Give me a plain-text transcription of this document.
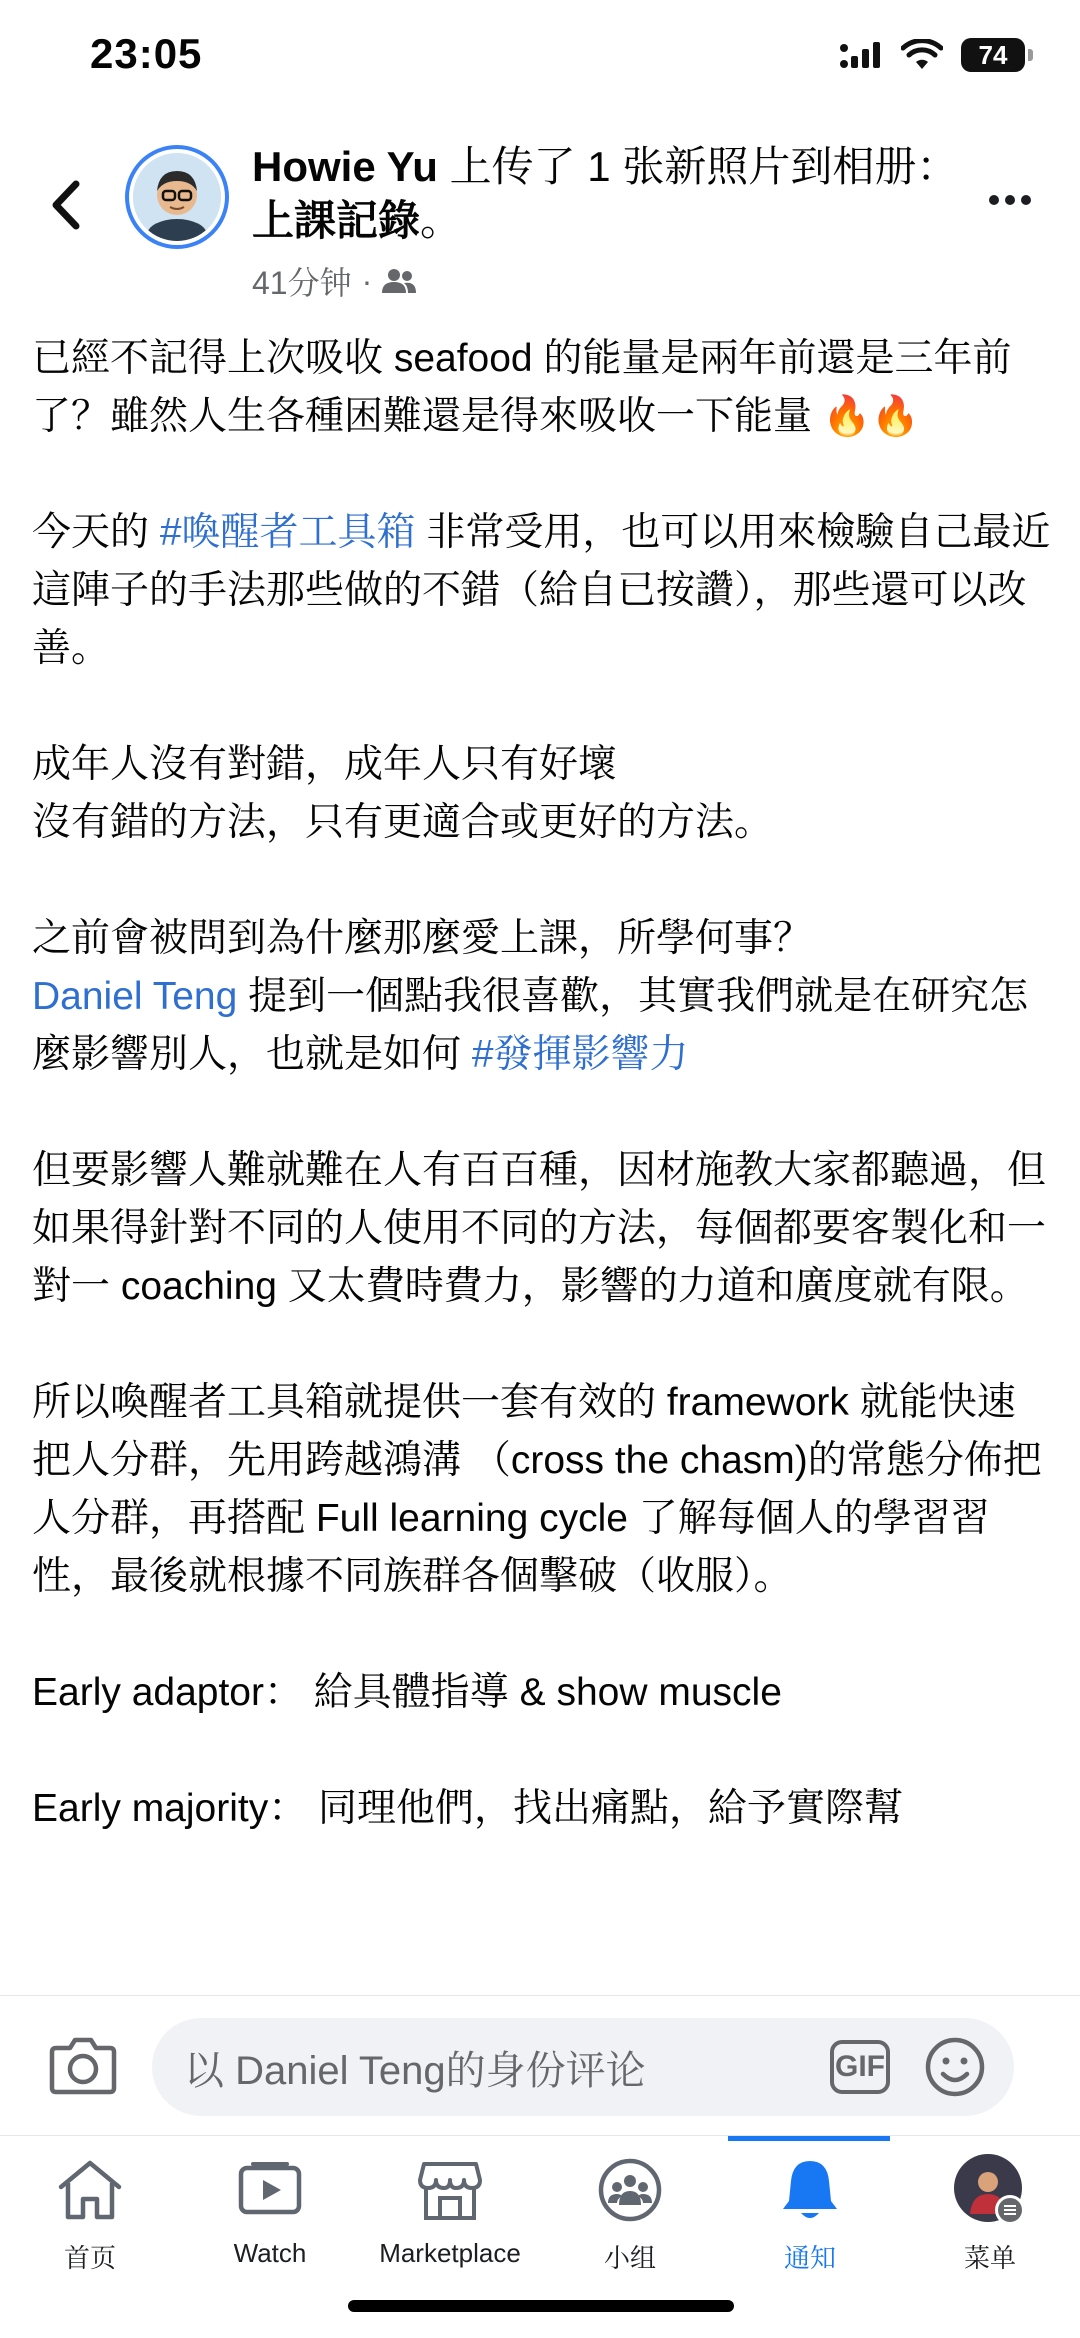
23:05	74
Howie Yu 上传了 1 张新照片到相册：上課記錄。
41分钟 ·

已經不記得上次吸收 seafood 的能量是兩年前還是三年前了？雖然人生各種困難還是得來吸收一下能量 🔥🔥

今天的 #喚醒者工具箱 非常受用，也可以用來檢驗自己最近這陣子的手法那些做的不錯（給自已按讚），那些還可以改善。

成年人沒有對錯，成年人只有好壞
沒有錯的方法，只有更適合或更好的方法。

之前會被問到為什麼那麼愛上課，所學何事？
Daniel Teng 提到一個點我很喜歡，其實我們就是在研究怎麼影響別人，也就是如何 #發揮影響力

但要影響人難就難在人有百百種，因材施教大家都聽過，但如果得針對不同的人使用不同的方法，每個都要客製化和一對一 coaching 又太費時費力，影響的力道和廣度就有限。

所以喚醒者工具箱就提供一套有效的 framework 就能快速把人分群，先用跨越鴻溝 （cross the chasm)的常態分佈把人分群，再搭配 Full learning cycle 了解每個人的學習習性，最後就根據不同族群各個擊破（收服）。

Early adaptor： 給具體指導 & show muscle

Early majority： 同理他們，找出痛點，給予實際幫

以 Daniel Teng的身份评论	GIF
首页	Watch	Marketplace	小组	通知	菜单
